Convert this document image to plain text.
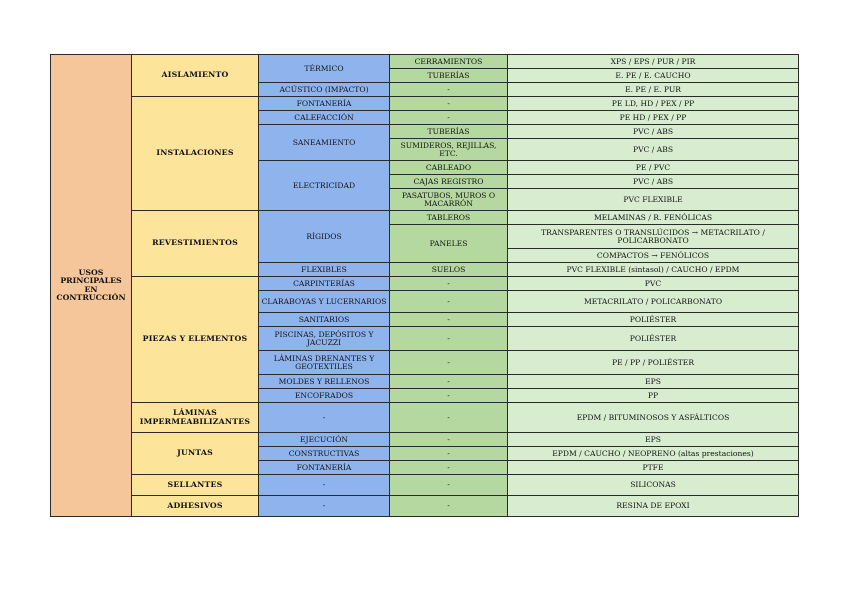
USOS PRINCIPALES EN CONTRUCCIÓN	AISLAMIENTO	TÉRMICO	CERRAMIENTOS	XPS / EPS / PUR / PIR
			TUBERÍAS	E. PE / E. CAUCHO
		ACÚSTICO (IMPACTO)	-	E. PE / E. PUR
	INSTALACIONES	FONTANERÍA	-	PE LD, HD / PEX / PP
		CALEFACCIÓN	-	PE HD / PEX / PP
		SANEAMIENTO	TUBERÍAS	PVC / ABS
			SUMIDEROS, REJILLAS, ETC.	PVC / ABS

		ELECTRICIDAD	CABLEADO	PE / PVC
			CAJAS REGISTRO	PVC / ABS
			PASATUBOS, MUROS O MACARRÓN	PVC FLEXIBLE

	REVESTIMIENTOS	RÍGIDOS	TABLEROS	MELAMINAS / R. FENÓLICAS
			PANELES	TRANSPARENTES O TRANSLÚCIDOS → METACRILATO / POLICARBONATO
				COMPACTOS → FENÓLICOS
		FLEXIBLES	SUELOS	PVC FLEXIBLE (sintasol) / CAUCHO / EPDM
	PIEZAS Y ELEMENTOS	CARPINTERÍAS	-	PVC
		CLARABOYAS Y LUCERNARIOS	-	METACRILATO / POLICARBONATO

		SANITARIOS	-	POLIÉSTER
		PISCINAS, DEPÓSITOS Y JACUZZI	-	POLIÉSTER

		LÁMINAS DRENANTES Y GEOTEXTILES	-	PE / PP / POLIÉSTER

		MOLDES Y RELLENOS	-	EPS
		ENCOFRADOS	-	PP
	LÁMINAS IMPERMEABILIZANTES	-	-	EPDM / BITUMINOSOS Y ASFÁLTICOS

	JUNTAS	EJECUCIÓN	-	EPS
		CONSTRUCTIVAS	-	EPDM / CAUCHO / NEOPRENO (altas prestaciones)
		FONTANERÍA	-	PTFE
	SELLANTES	-	-	SILICONAS
	ADHESIVOS	-	-	RESINA DE EPOXI
